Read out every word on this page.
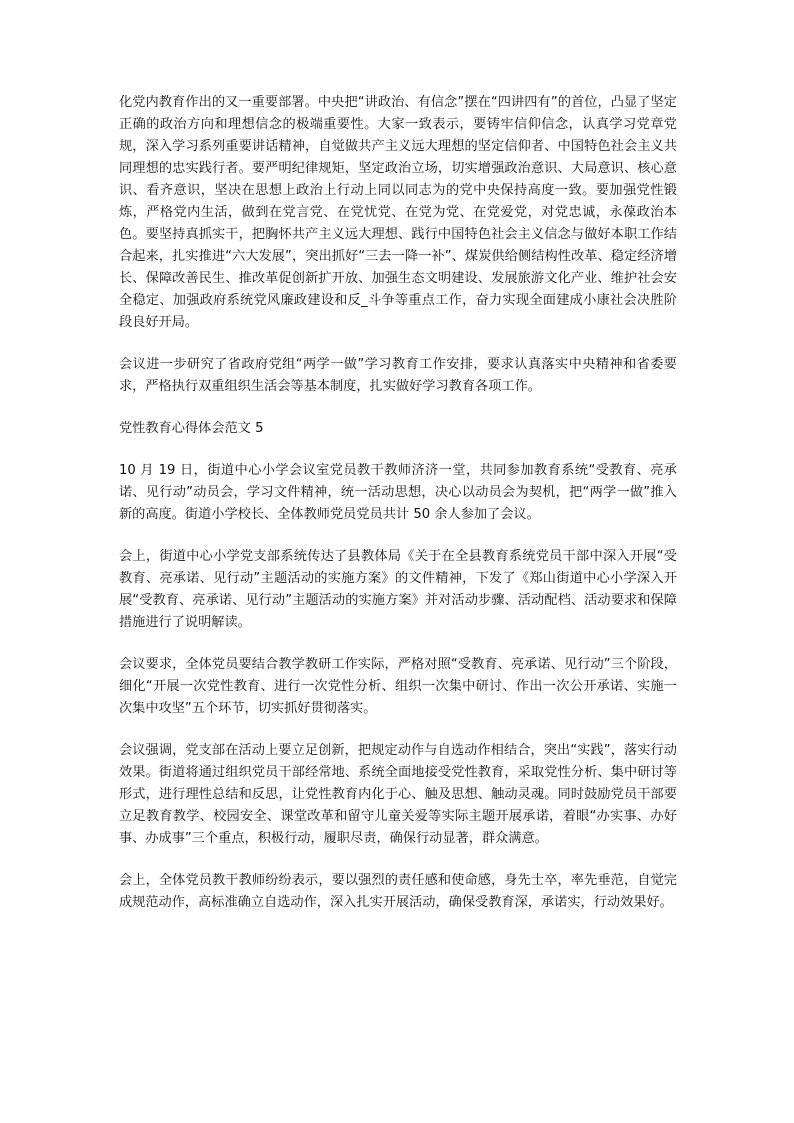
化党内教育作出的又一重要部署。中央把“讲政治、有信念”摆在“四讲四有”的首位，凸显了坚定正确的政治方向和理想信念的极端重要性。大家一致表示，要铸牢信仰信念，认真学习党章党规，深入学习系列重要讲话精神，自觉做共产主义远大理想的坚定信仰者、中国特色社会主义共同理想的忠实践行者。要严明纪律规矩，坚定政治立场，切实增强政治意识、大局意识、核心意识、看齐意识，坚决在思想上政治上行动上同以同志为的党中央保持高度一致。要加强党性锻炼，严格党内生活，做到在党言党、在党忧党、在党为党、在党爱党，对党忠诚，永葆政治本色。要坚持真抓实干，把胸怀共产主义远大理想、践行中国特色社会主义信念与做好本职工作结合起来，扎实推进“六大发展”，突出抓好“三去一降一补”、煤炭供给侧结构性改革、稳定经济增长、保障改善民生、推改革促创新扩开放、加强生态文明建设、发展旅游文化产业、维护社会安全稳定、加强政府系统党风廉政建设和反_斗争等重点工作，奋力实现全面建成小康社会决胜阶段良好开局。

会议进一步研究了省政府党组“两学一做”学习教育工作安排，要求认真落实中央精神和省委要求，严格执行双重组织生活会等基本制度，扎实做好学习教育各项工作。

党性教育心得体会范文 5

10 月 19 日，街道中心小学会议室党员教干教师济济一堂，共同参加教育系统“受教育、亮承诺、见行动”动员会，学习文件精神，统一活动思想，决心以动员会为契机，把“两学一做”推入新的高度。街道小学校长、全体教师党员党员共计 50 余人参加了会议。

会上，街道中心小学党支部系统传达了县教体局《关于在全县教育系统党员干部中深入开展“受教育、亮承诺、见行动”主题活动的实施方案》的文件精神，下发了《郑山街道中心小学深入开展“受教育、亮承诺、见行动”主题活动的实施方案》并对活动步骤、活动配档、活动要求和保障措施进行了说明解读。

会议要求，全体党员要结合教学教研工作实际，严格对照“受教育、亮承诺、见行动”三个阶段，细化“开展一次党性教育、进行一次党性分析、组织一次集中研讨、作出一次公开承诺、实施一次集中攻坚”五个环节，切实抓好贯彻落实。

会议强调，党支部在活动上要立足创新，把规定动作与自选动作相结合，突出“实践”，落实行动效果。街道将通过组织党员干部经常地、系统全面地接受党性教育，采取党性分析、集中研讨等形式，进行理性总结和反思，让党性教育内化于心、触及思想、触动灵魂。同时鼓励党员干部要立足教育教学、校园安全、课堂改革和留守儿童关爱等实际主题开展承诺，着眼“办实事、办好事、办成事”三个重点，积极行动，履职尽责，确保行动显著，群众满意。

会上，全体党员教干教师纷纷表示，要以强烈的责任感和使命感，身先士卒，率先垂范，自觉完成规范动作，高标准确立自选动作，深入扎实开展活动，确保受教育深，承诺实，行动效果好。
